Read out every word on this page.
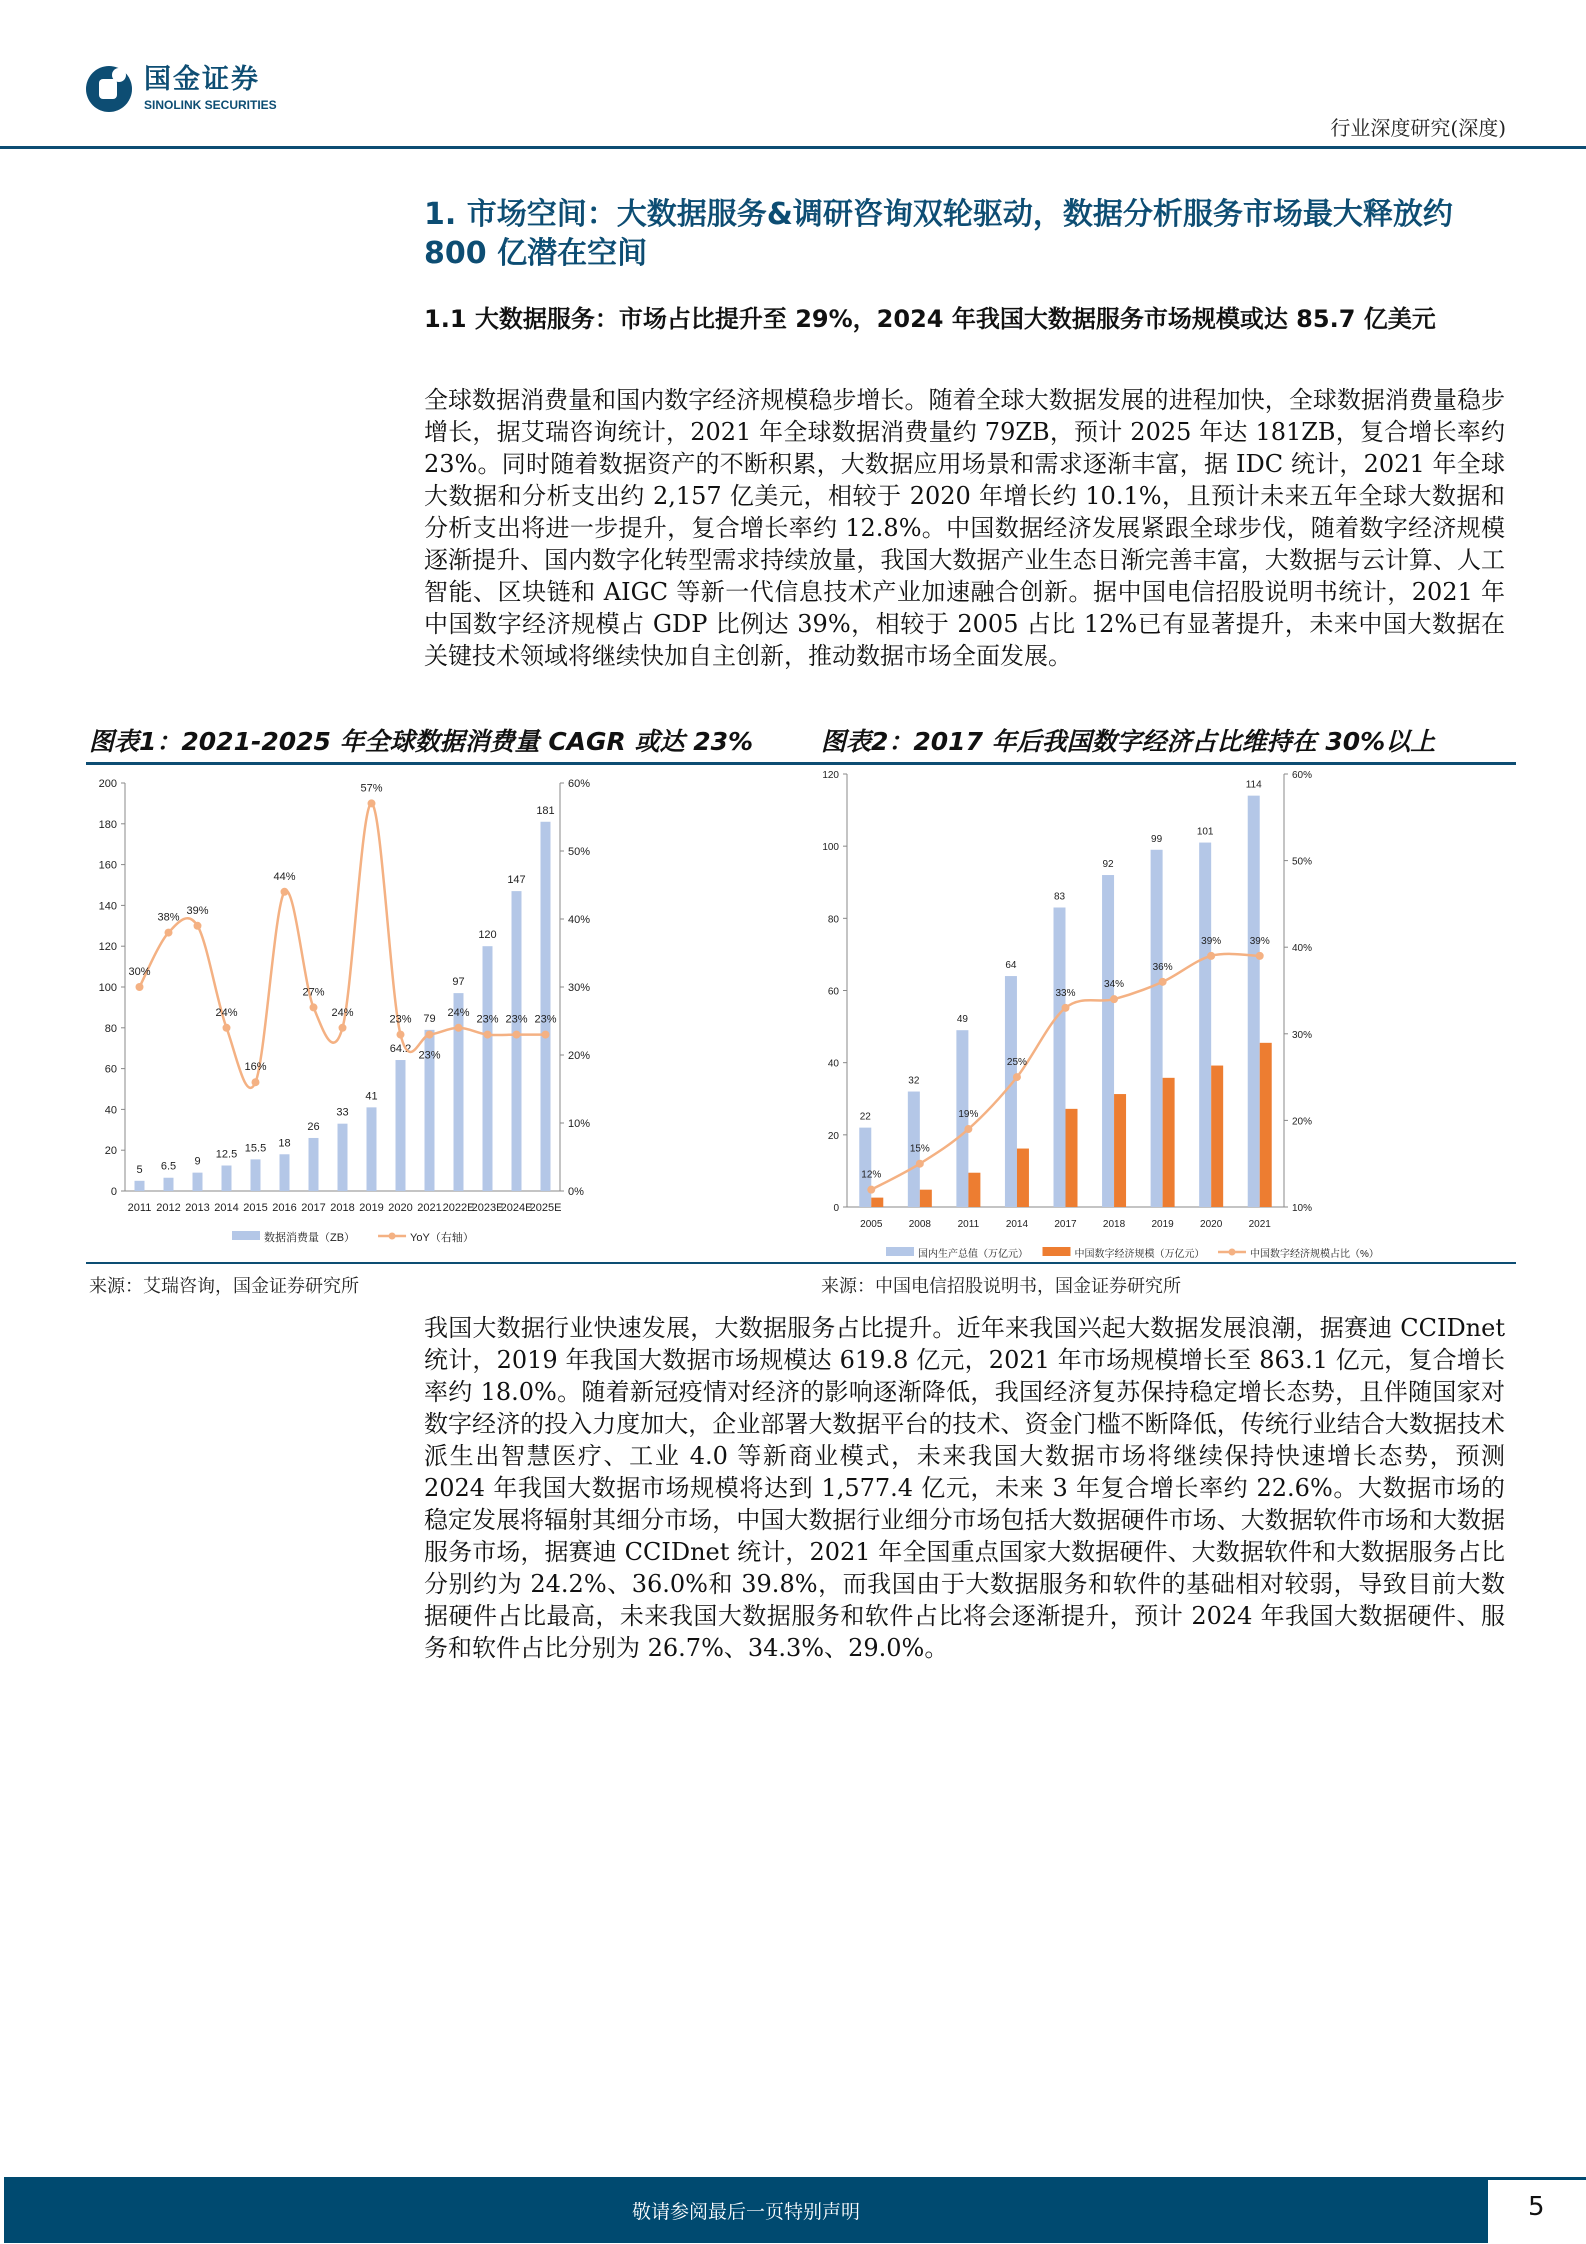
国金证券
SINOLINK SECURITIES
行业深度研究(深度)
1. 市场空间：大数据服务&调研咨询双轮驱动，数据分析服务市场最大释放约 800 亿潜在空间
1.1 大数据服务：市场占比提升至 29%，2024 年我国大数据服务市场规模或达 85.7 亿美元
全球数据消费量和国内数字经济规模稳步增长。随着全球大数据发展的进程加快，全球数据消费量稳步增长，据艾瑞咨询统计，2021 年全球数据消费量约 79ZB，预计 2025 年达 181ZB，复合增长率约 23%。同时随着数据资产的不断积累，大数据应用场景和需求逐渐丰富，据 IDC 统计，2021 年全球大数据和分析支出约 2,157 亿美元，相较于 2020 年增长约 10.1%，且预计未来五年全球大数据和分析支出将进一步提升，复合增长率约 12.8%。中国数据经济发展紧跟全球步伐，随着数字经济规模逐渐提升、国内数字化转型需求持续放量，我国大数据产业生态日渐完善丰富，大数据与云计算、人工智能、区块链和 AIGC 等新一代信息技术产业加速融合创新。据中国电信招股说明书统计，2021 年中国数字经济规模占 GDP 比例达 39%，相较于 2005 占比 12%已有显著提升，未来中国大数据在关键技术领域将继续快加自主创新，推动数据市场全面发展。
图表1：2021-2025 年全球数据消费量 CAGR 或达 23%	图表2：2017 年后我国数字经济占比维持在 30%以上
0
20
40
60
80
100
120
140
160
180
200
0%
10%
20%
30%
40%
50%
60%
2011 2012 2013 2014 2015 2016 2017 2018 2019 2020 2021 2022E
2023E
2024E
2025E
5 6.5 9
12.5
15.5 18
26
33
41
64.2
79
97
120
147
181
30%
38%
39%
24%
16%
44%
27%
24%
57%
23%
23%
24%
23% 23% 23%
数据消费量（ZB）	YoY（右轴）
0
20
40
60
80
100
120
10%
20%
30%
40%
50%
60%
2005	2008	2011	2014	2017	2018	2019	2020	2021
22
32
49
64
83
92
99
101
114
12%
15%
19%
25%
33%
34%
36%
39%	39%
国内生产总值（万亿元）	中国数字经济规模（万亿元）	中国数字经济规模占比（%）
来源：艾瑞咨询，国金证券研究所	来源：中国电信招股说明书，国金证券研究所
我国大数据行业快速发展，大数据服务占比提升。近年来我国兴起大数据发展浪潮，据赛迪 CCIDnet 统计，2019 年我国大数据市场规模达 619.8 亿元，2021 年市场规模增长至 863.1 亿元，复合增长率约 18.0%。随着新冠疫情对经济的影响逐渐降低，我国经济复苏保持稳定增长态势，且伴随国家对数字经济的投入力度加大，企业部署大数据平台的技术、资金门槛不断降低，传统行业结合大数据技术派生出智慧医疗、工业 4.0 等新商业模式，未来我国大数据市场将继续保持快速增长态势，预测 2024 年我国大数据市场规模将达到 1,577.4 亿元，未来 3 年复合增长率约 22.6%。大数据市场的稳定发展将辐射其细分市场，中国大数据行业细分市场包括大数据硬件市场、大数据软件市场和大数据服务市场，据赛迪 CCIDnet 统计，2021 年全国重点国家大数据硬件、大数据软件和大数据服务占比分别约为 24.2%、36.0%和 39.8%，而我国由于大数据服务和软件的基础相对较弱，导致目前大数据硬件占比最高，未来我国大数据服务和软件占比将会逐渐提升，预计 2024 年我国大数据硬件、服务和软件占比分别为 26.7%、34.3%、29.0%。
敬请参阅最后一页特别声明	5
